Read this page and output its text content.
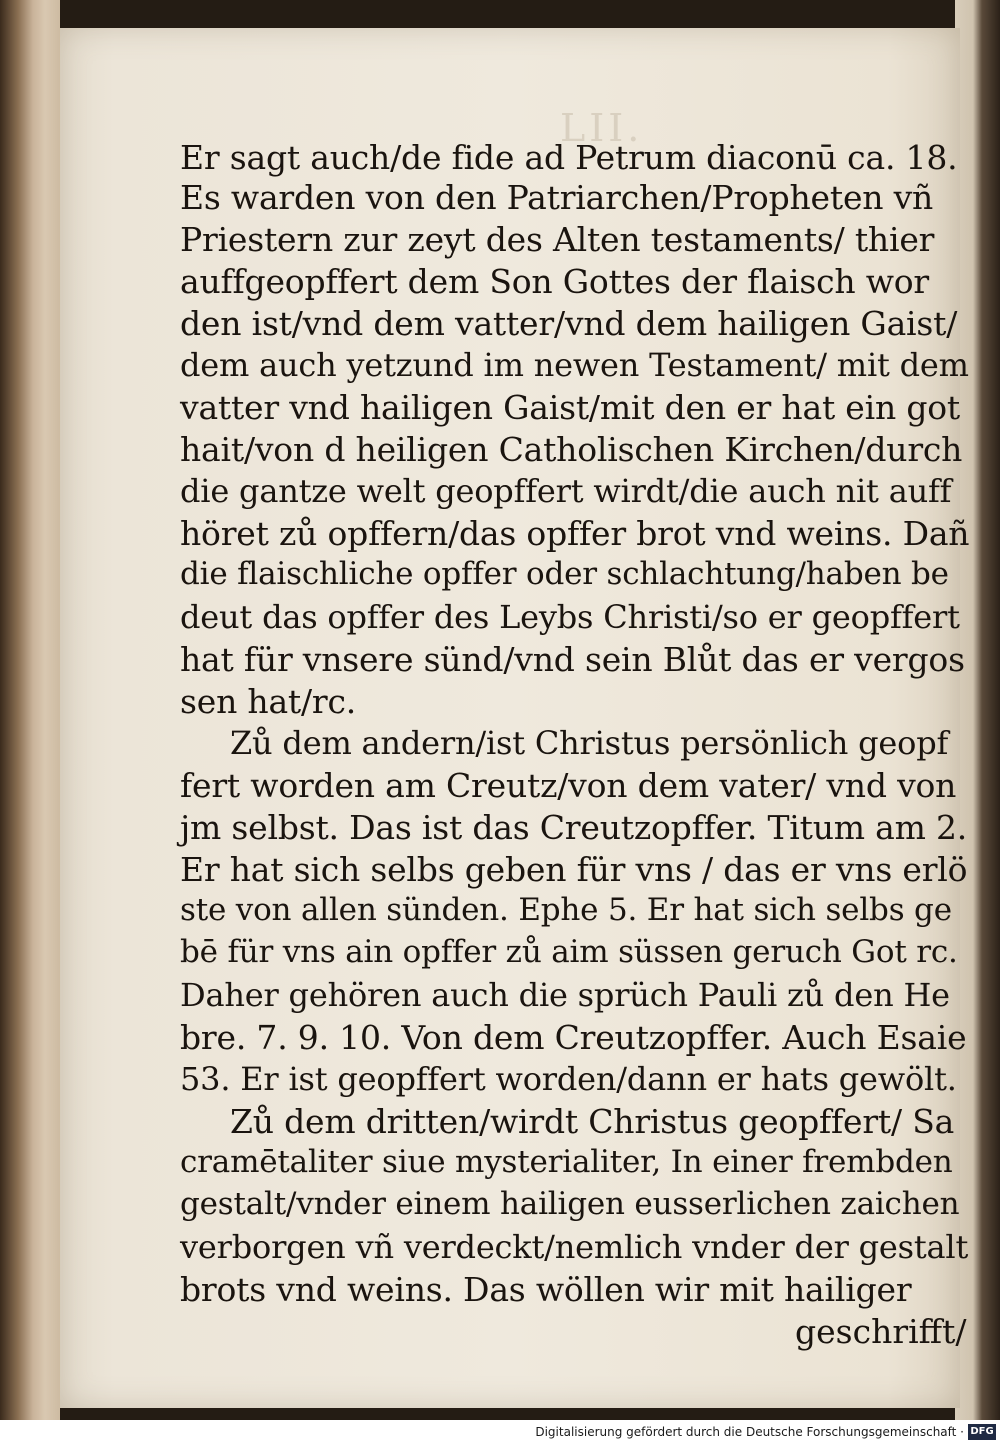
LII.
Er sagt auch/de fide ad Petrum diaconū ca. 18.
Es warden von den Patriarchen/Propheten vñ
Priestern zur zeyt des Alten testaments/ thier
auffgeopffert dem Son Gottes der flaisch wor
den ist/vnd dem vatter/vnd dem hailigen Gaist/
dem auch yetzund im newen Testament/ mit dem
vatter vnd hailigen Gaist/mit den er hat ein got
hait/von d heiligen Catholischen Kirchen/durch
die gantze welt geopffert wirdt/die auch nit auff
höret zů opffern/das opffer brot vnd weins. Dañ
die flaischliche opffer oder schlachtung/haben be
deut das opffer des Leybs Christi/so er geopffert
hat für vnsere sünd/vnd sein Blůt das er vergos
sen hat/rc.
Zů dem andern/ist Christus persönlich geopf
fert worden am Creutz/von dem vater/ vnd von
jm selbst. Das ist das Creutzopffer. Titum am 2.
Er hat sich selbs geben für vns / das er vns erlö
ste von allen sünden. Ephe 5. Er hat sich selbs ge
bē für vns ain opffer zů aim süssen geruch Got rc.
Daher gehören auch die sprüch Pauli zů den He
bre. 7. 9. 10. Von dem Creutzopffer. Auch Esaie
53. Er ist geopffert worden/dann er hats gewölt.
Zů dem dritten/wirdt Christus geopffert/ Sa
cramētaliter siue mysterialiter, In einer frembden
gestalt/vnder einem hailigen eusserlichen zaichen
verborgen vñ verdeckt/nemlich vnder der gestalt
brots vnd weins. Das wöllen wir mit hailiger
geschrifft/
Digitalisierung gefördert durch die Deutsche Forschungsgemeinschaft · DFG
